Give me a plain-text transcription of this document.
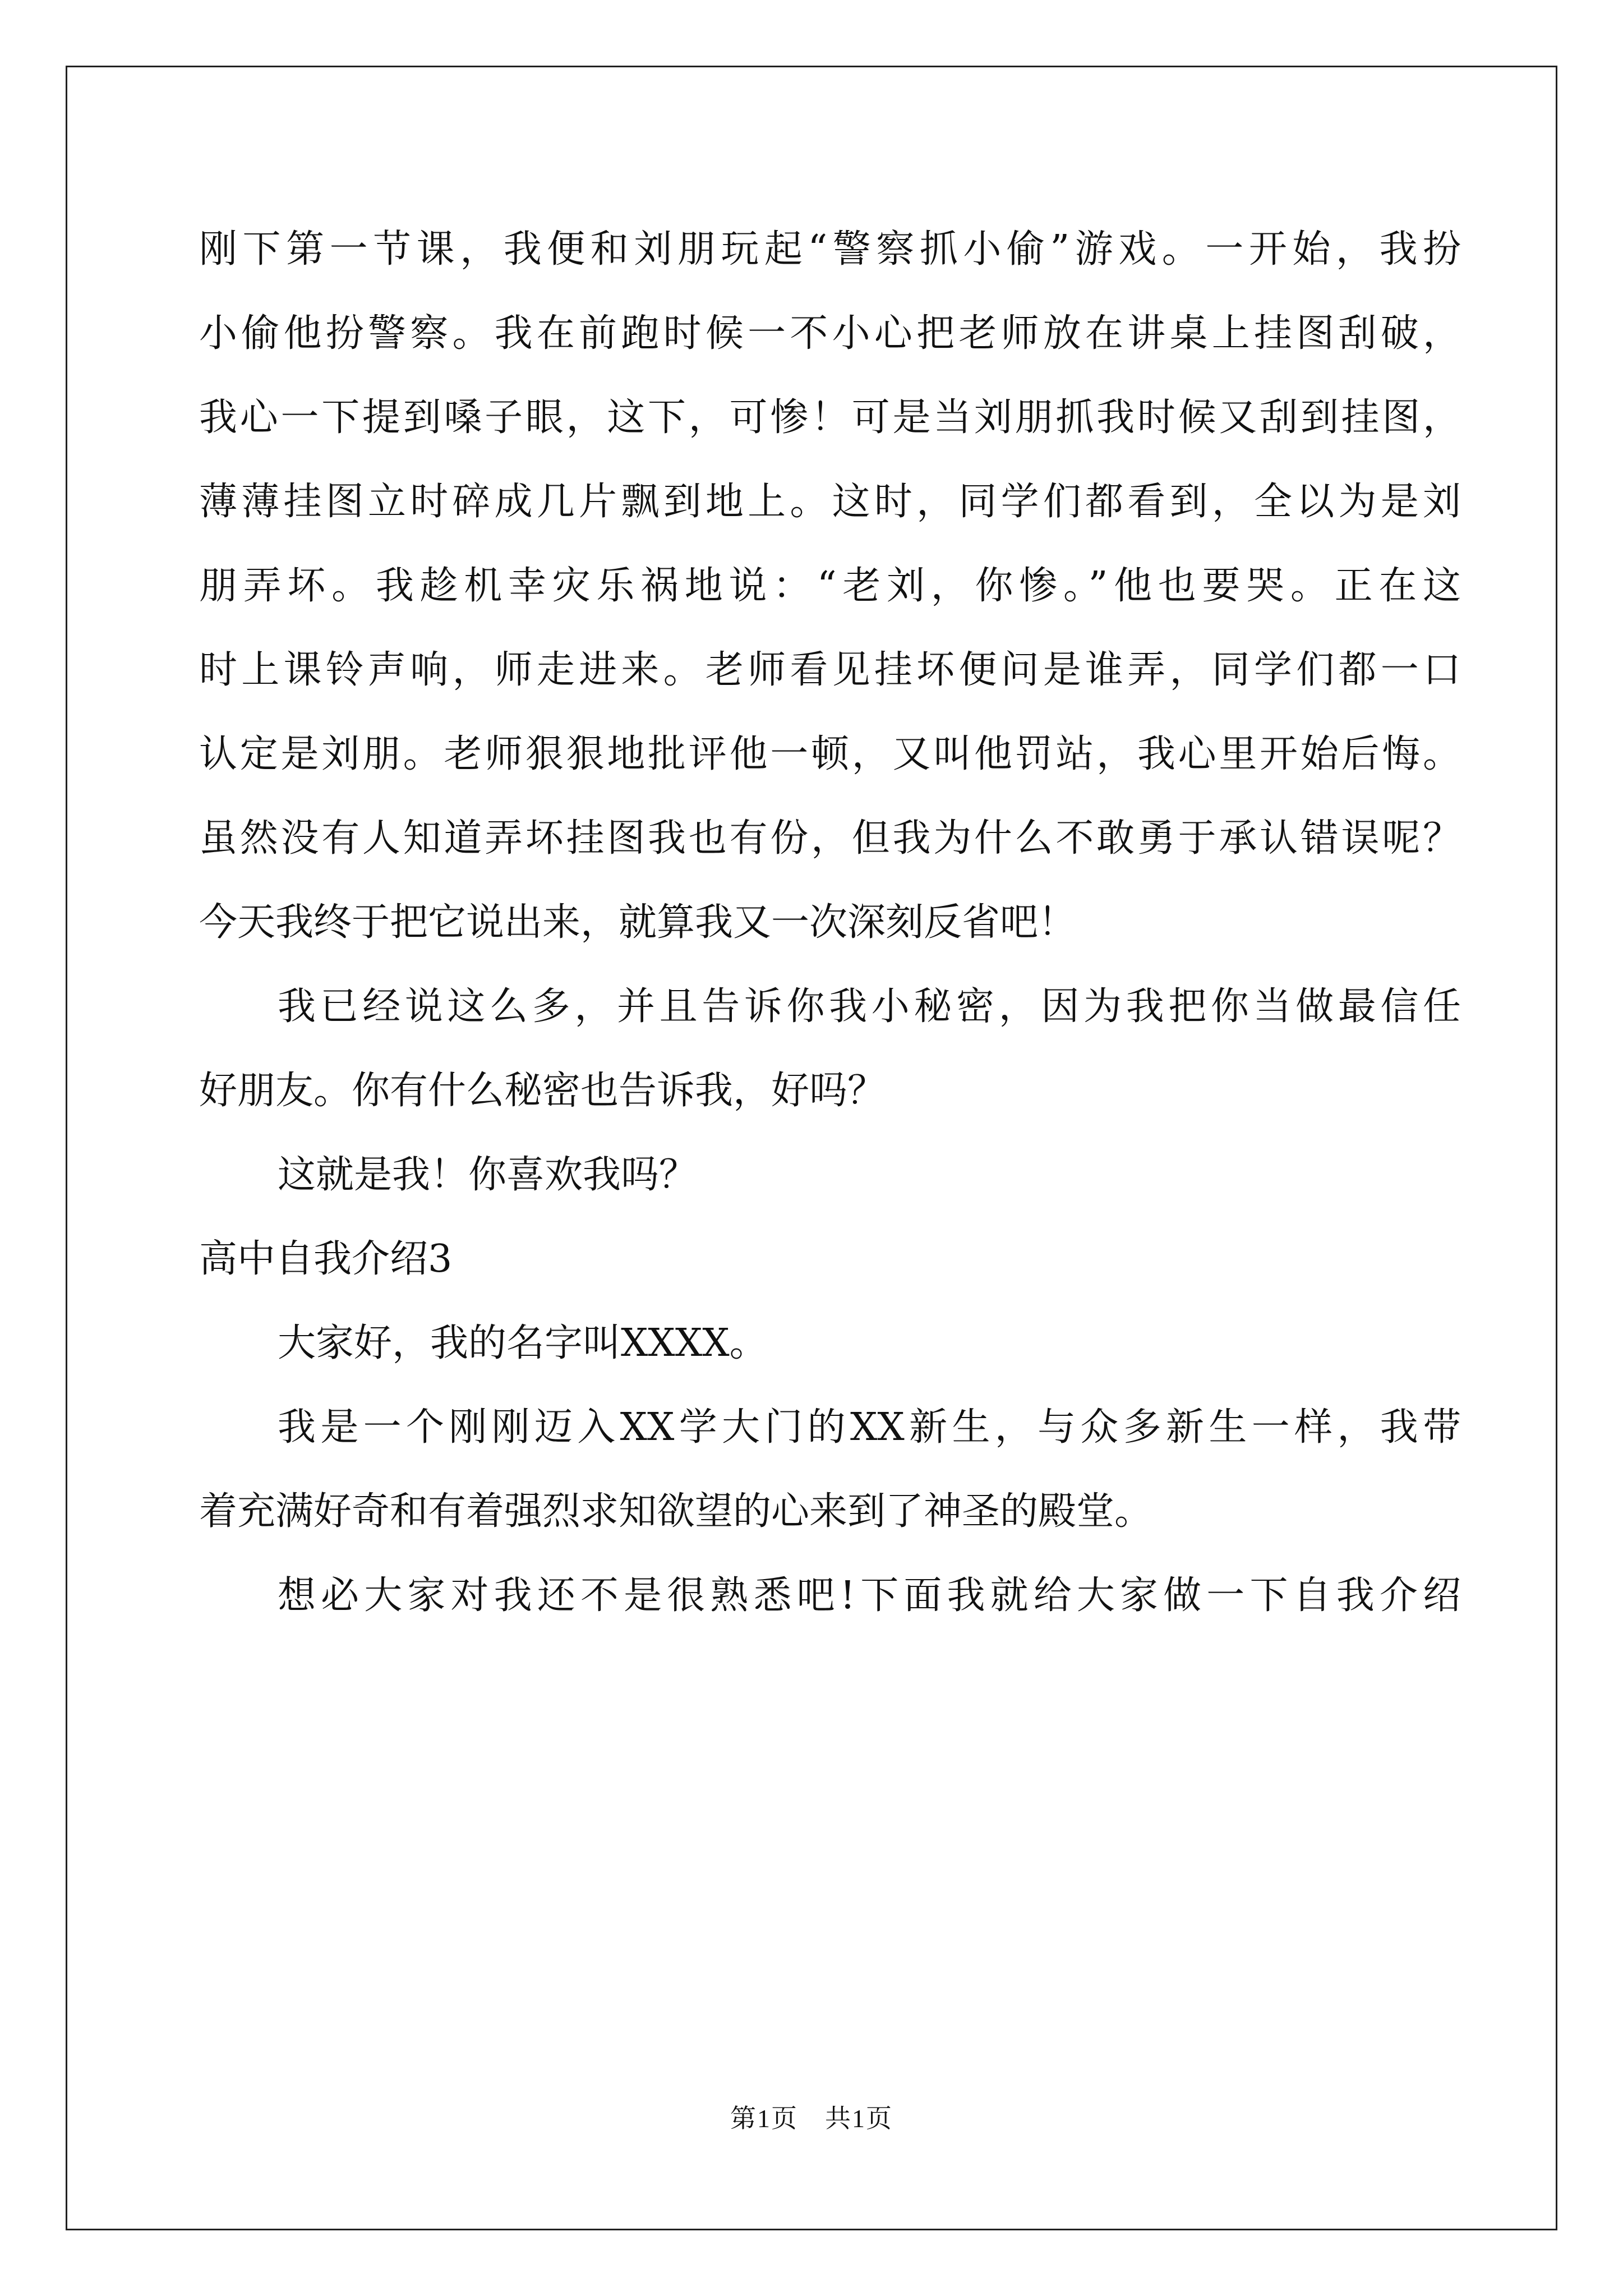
刚下第一节课，我便和刘朋玩起“警察抓小偷”游戏。一开始，我扮
小偷他扮警察。我在前跑时候一不小心把老师放在讲桌上挂图刮破，
我心一下提到嗓子眼，这下，可惨！可是当刘朋抓我时候又刮到挂图，
薄薄挂图立时碎成几片飘到地上。这时，同学们都看到，全以为是刘
朋弄坏。我趁机幸灾乐祸地说：“老刘，你惨。”他也要哭。正在这
时上课铃声响，师走进来。老师看见挂坏便问是谁弄，同学们都一口
认定是刘朋。老师狠狠地批评他一顿，又叫他罚站，我心里开始后悔。
虽然没有人知道弄坏挂图我也有份，但我为什么不敢勇于承认错误呢？
今天我终于把它说出来，就算我又一次深刻反省吧！
我已经说这么多，并且告诉你我小秘密，因为我把你当做最信任
好朋友。你有什么秘密也告诉我，好吗？
这就是我！你喜欢我吗？
高中自我介绍3
大家好，我的名字叫XXXX。
我是一个刚刚迈入XX学大门的XX新生，与众多新生一样，我带
着充满好奇和有着强烈求知欲望的心来到了神圣的殿堂。
想必大家对我还不是很熟悉吧!下面我就给大家做一下自我介绍
第1页 共1页
